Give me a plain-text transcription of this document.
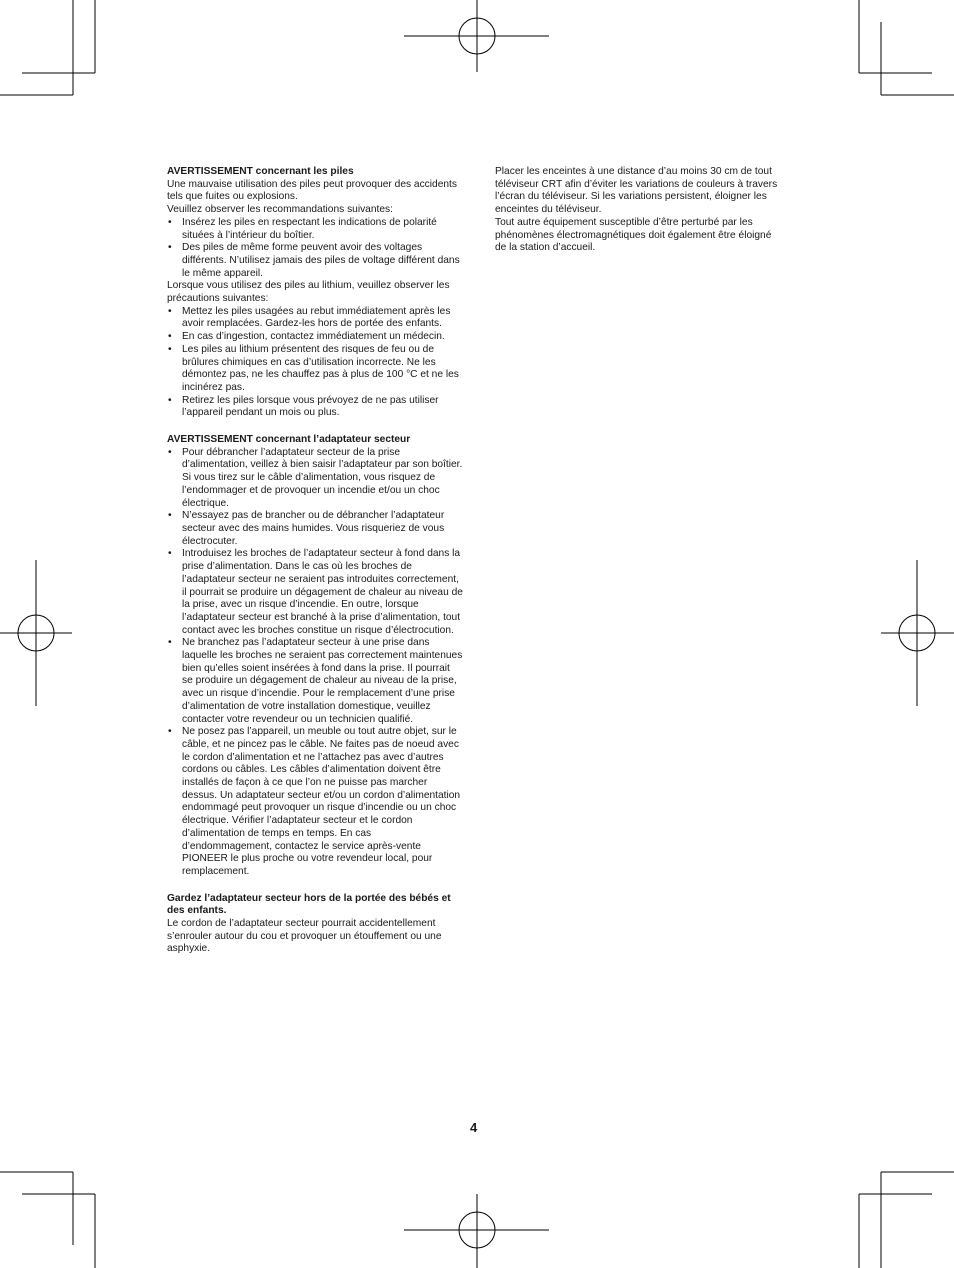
AVERTISSEMENT concernant les piles

Une mauvaise utilisation des piles peut provoquer des accidents tels que fuites ou explosions.

Veuillez observer les recommandations suivantes:

• Insérez les piles en respectant les indications de polarité situées à l’intérieur du boîtier.
• Des piles de même forme peuvent avoir des voltages différents. N’utilisez jamais des piles de voltage différent dans le même appareil.

Lorsque vous utilisez des piles au lithium, veuillez observer les précautions suivantes:

• Mettez les piles usagées au rebut immédiatement après les avoir remplacées. Gardez-les hors de portée des enfants.
• En cas d’ingestion, contactez immédiatement un médecin.
• Les piles au lithium présentent des risques de feu ou de brûlures chimiques en cas d’utilisation incorrecte. Ne les démontez pas, ne les chauffez pas à plus de 100 °C et ne les incinérez pas.
• Retirez les piles lorsque vous prévoyez de ne pas utiliser l’appareil pendant un mois ou plus.

AVERTISSEMENT concernant l’adaptateur secteur

• Pour débrancher l’adaptateur secteur de la prise d’alimentation, veillez à bien saisir l’adaptateur par son boîtier. Si vous tirez sur le câble d’alimentation, vous risquez de l’endommager et de provoquer un incendie et/ou un choc électrique.
• N’essayez pas de brancher ou de débrancher l’adaptateur secteur avec des mains humides. Vous risqueriez de vous électrocuter.
• Introduisez les broches de l’adaptateur secteur à fond dans la prise d’alimentation. Dans le cas où les broches de l’adaptateur secteur ne seraient pas introduites correctement, il pourrait se produire un dégagement de chaleur au niveau de la prise, avec un risque d’incendie. En outre, lorsque l’adaptateur secteur est branché à la prise d’alimentation, tout contact avec les broches constitue un risque d’électrocution.
• Ne branchez pas l’adaptateur secteur à une prise dans laquelle les broches ne seraient pas correctement maintenues bien qu’elles soient insérées à fond dans la prise. Il pourrait se produire un dégagement de chaleur au niveau de la prise, avec un risque d’incendie. Pour le remplacement d’une prise d’alimentation de votre installation domestique, veuillez contacter votre revendeur ou un technicien qualifié.
• Ne posez pas l’appareil, un meuble ou tout autre objet, sur le câble, et ne pincez pas le câble. Ne faites pas de noeud avec le cordon d’alimentation et ne l’attachez pas avec d’autres cordons ou câbles. Les câbles d’alimentation doivent être installés de façon à ce que l’on ne puisse pas marcher dessus. Un adaptateur secteur et/ou un cordon d’alimentation endommagé peut provoquer un risque d’incendie ou un choc électrique. Vérifier l’adaptateur secteur et le cordon d’alimentation de temps en temps. En cas d’endommagement, contactez le service après-vente PIONEER le plus proche ou votre revendeur local, pour remplacement.

Gardez l’adaptateur secteur hors de la portée des bébés et des enfants.

Le cordon de l’adaptateur secteur pourrait accidentellement s’enrouler autour du cou et provoquer un étouffement ou une asphyxie.

Placer les enceintes à une distance d’au moins 30 cm de tout téléviseur CRT afin d’éviter les variations de couleurs à travers l’écran du téléviseur. Si les variations persistent, éloigner les enceintes du téléviseur.

Tout autre équipement susceptible d’être perturbé par les phénomènes électromagnétiques doit également être éloigné de la station d’accueil.

4
